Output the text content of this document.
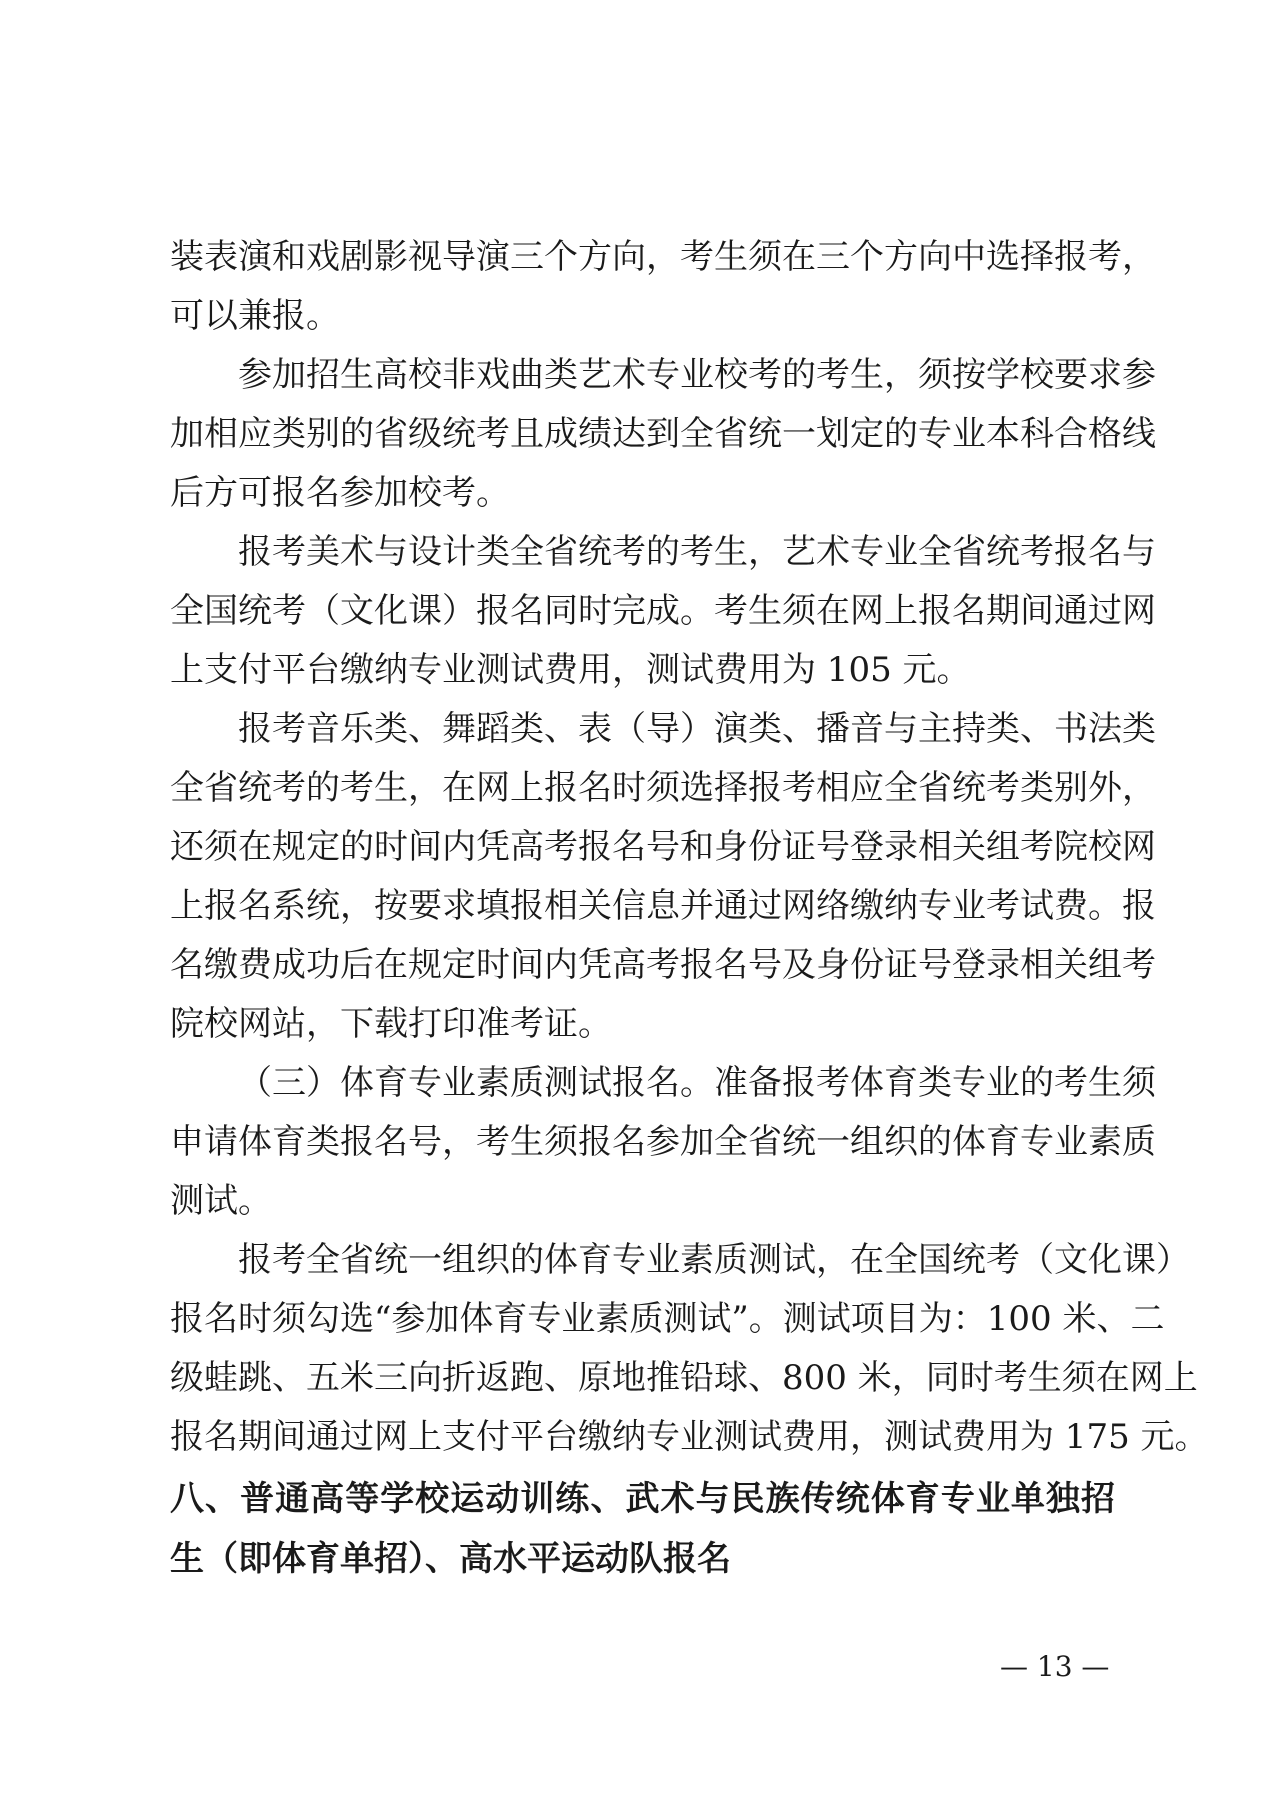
装表演和戏剧影视导演三个方向，考生须在三个方向中选择报考，
可以兼报。
参加招生高校非戏曲类艺术专业校考的考生，须按学校要求参
加相应类别的省级统考且成绩达到全省统一划定的专业本科合格线
后方可报名参加校考。
报考美术与设计类全省统考的考生，艺术专业全省统考报名与
全国统考（文化课）报名同时完成。考生须在网上报名期间通过网
上支付平台缴纳专业测试费用，测试费用为 105 元。
报考音乐类、舞蹈类、表（导）演类、播音与主持类、书法类
全省统考的考生，在网上报名时须选择报考相应全省统考类别外，
还须在规定的时间内凭高考报名号和身份证号登录相关组考院校网
上报名系统，按要求填报相关信息并通过网络缴纳专业考试费。报
名缴费成功后在规定时间内凭高考报名号及身份证号登录相关组考
院校网站，下载打印准考证。
（三）体育专业素质测试报名。准备报考体育类专业的考生须
申请体育类报名号，考生须报名参加全省统一组织的体育专业素质
测试。
报考全省统一组织的体育专业素质测试，在全国统考（文化课）
报名时须勾选“参加体育专业素质测试”。测试项目为：100 米、二
级蛙跳、五米三向折返跑、原地推铅球、800 米，同时考生须在网上
报名期间通过网上支付平台缴纳专业测试费用，测试费用为 175 元。
八、普通高等学校运动训练、武术与民族传统体育专业单独招
生（即体育单招）、高水平运动队报名
— 13 —
